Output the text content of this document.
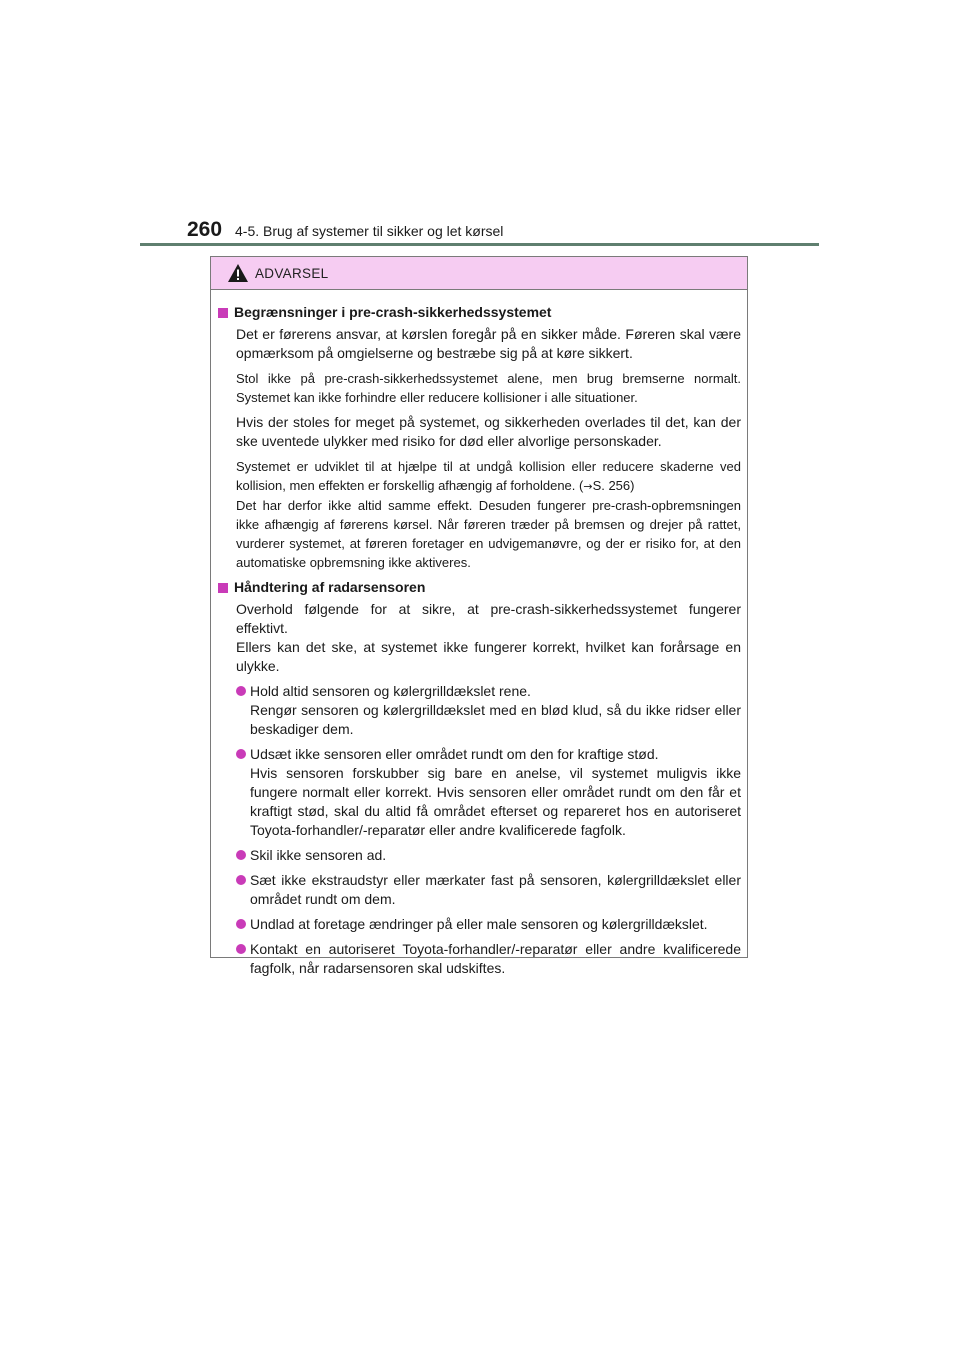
260 4-5. Brug af systemer til sikker og let kørsel
ADVARSEL
Begrænsninger i pre-crash-sikkerhedssystemet
Det er førerens ansvar, at kørslen foregår på en sikker måde. Føreren skal være opmærksom på omgielserne og bestræbe sig på at køre sikkert.
Stol ikke på pre-crash-sikkerhedssystemet alene, men brug bremserne normalt. Systemet kan ikke forhindre eller reducere kollisioner i alle situationer.
Hvis der stoles for meget på systemet, og sikkerheden overlades til det, kan der ske uventede ulykker med risiko for død eller alvorlige personskader.
Systemet er udviklet til at hjælpe til at undgå kollision eller reducere skaderne ved kollision, men effekten er forskellig afhængig af forholdene. (→S. 256)
Det har derfor ikke altid samme effekt. Desuden fungerer pre-crash-opbremsningen ikke afhængig af førerens kørsel. Når føreren træder på bremsen og drejer på rattet, vurderer systemet, at føreren foretager en udvigemanøvre, og der er risiko for, at den automatiske opbremsning ikke aktiveres.
Håndtering af radarsensoren
Overhold følgende for at sikre, at pre-crash-sikkerhedssystemet fungerer effektivt.
Ellers kan det ske, at systemet ikke fungerer korrekt, hvilket kan forårsage en ulykke.
Hold altid sensoren og kølergrilldækslet rene.
Rengør sensoren og kølergrilldækslet med en blød klud, så du ikke ridser eller beskadiger dem.
Udsæt ikke sensoren eller området rundt om den for kraftige stød.
Hvis sensoren forskubber sig bare en anelse, vil systemet muligvis ikke fungere normalt eller korrekt. Hvis sensoren eller området rundt om den får et kraftigt stød, skal du altid få området efterset og repareret hos en autoriseret Toyota-forhandler/-reparatør eller andre kvalificerede fagfolk.
Skil ikke sensoren ad.
Sæt ikke ekstraudstyr eller mærkater fast på sensoren, kølergrilldækslet eller området rundt om dem.
Undlad at foretage ændringer på eller male sensoren og kølergrilldækslet.
Kontakt en autoriseret Toyota-forhandler/-reparatør eller andre kvalificerede fagfolk, når radarsensoren skal udskiftes.
